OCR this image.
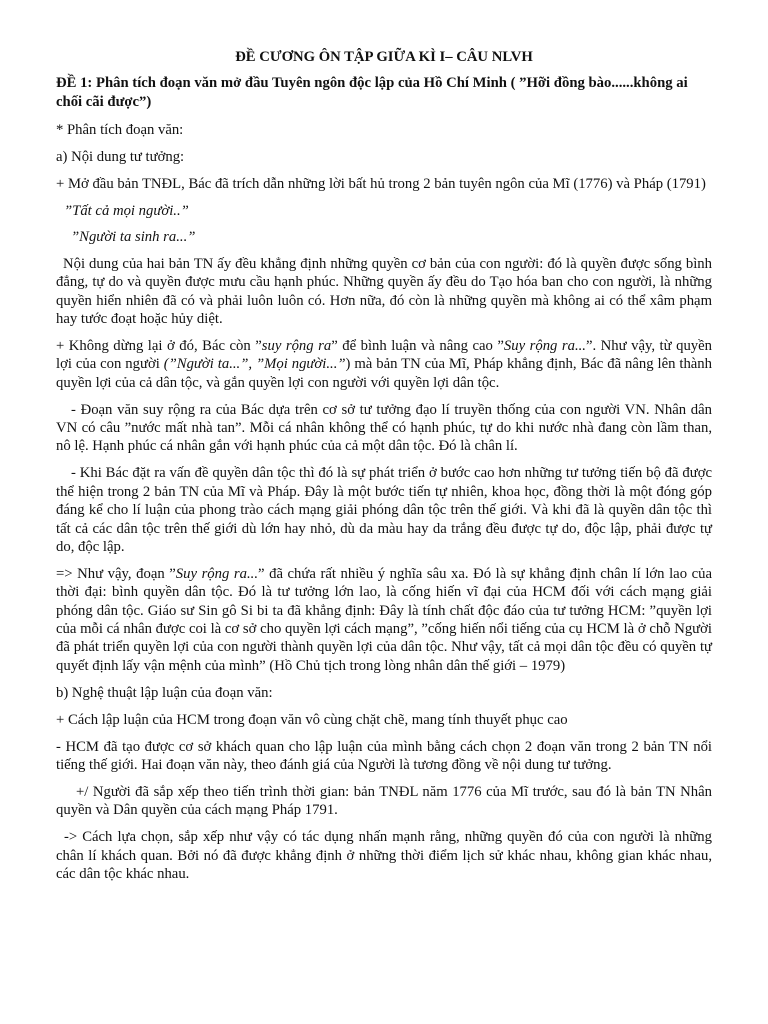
ĐỀ CƯƠNG ÔN TẬP GIỮA KÌ I– CÂU NLVH
ĐỀ 1: Phân tích đoạn văn mở đầu Tuyên ngôn độc lập của Hồ Chí Minh ( ”Hỡi đồng bào......không ai chối cãi được”)

* Phân tích đoạn văn:

a) Nội dung tư tưởng:

+ Mở đầu bản TNĐL, Bác đã trích dẫn những lời bất hủ trong 2 bản tuyên ngôn của Mĩ (1776) và Pháp (1791)

”Tất cả mọi người..”

”Người ta sinh ra...”

Nội dung của hai bản TN ấy đều khẳng định những quyền cơ bản của con người: đó là quyền được sống bình đẳng, tự do và quyền được mưu cầu hạnh phúc. Những quyền ấy đều do Tạo hóa ban cho con người, là những quyền hiển nhiên đã có và phải luôn luôn có. Hơn nữa, đó còn là những quyền mà không ai có thể xâm phạm hay tước đoạt hoặc hủy diệt.

+ Không dừng lại ở đó, Bác còn ”suy rộng ra” để bình luận và nâng cao ”Suy rộng ra...”. Như vậy, từ quyền lợi của con người (”Người ta...”, ”Mọi người...”) mà bản TN của Mĩ, Pháp khẳng định, Bác đã nâng lên thành quyền lợi của cả dân tộc, và gắn quyền lợi con người với quyền lợi dân tộc.

- Đoạn văn suy rộng ra của Bác dựa trên cơ sở tư tưởng đạo lí truyền thống của con người VN. Nhân dân VN có câu ”nước mất nhà tan”. Mỗi cá nhân không thể có hạnh phúc, tự do khi nước nhà đang còn lầm than, nô lệ. Hạnh phúc cá nhân gắn với hạnh phúc của cả một dân tộc. Đó là chân lí.

- Khi Bác đặt ra vấn đề quyền dân tộc thì đó là sự phát triển ở bước cao hơn những tư tưởng tiến bộ đã được thể hiện trong 2 bản TN của Mĩ và Pháp. Đây là một bước tiến tự nhiên, khoa học, đồng thời là một đóng góp đáng kể cho lí luận của phong trào cách mạng giải phóng dân tộc trên thế giới. Và khi đã là quyền dân tộc thì tất cả các dân tộc trên thế giới dù lớn hay nhỏ, dù da màu hay da trắng đều được tự do, độc lập, phải được tự do, độc lập.

=> Như vậy, đoạn ”Suy rộng ra...” đã chứa rất nhiều ý nghĩa sâu xa. Đó là sự khẳng định chân lí lớn lao của thời đại: bình quyền dân tộc. Đó là tư tưởng lớn lao, là cống hiến vĩ đại của HCM đối với cách mạng giải phóng dân tộc. Giáo sư Sin gô Si bi ta đã khẳng định: Đây là tính chất độc đáo của tư tưởng HCM: ”quyền lợi của mỗi cá nhân được coi là cơ sở cho quyền lợi cách mạng”, ”cống hiến nổi tiếng của cụ HCM là ở chỗ Người đã phát triển quyền lợi của con người thành quyền lợi của dân tộc. Như vậy, tất cả mọi dân tộc đều có quyền tự quyết định lấy vận mệnh của mình” (Hồ Chủ tịch trong lòng nhân dân thế giới – 1979)

b) Nghệ thuật lập luận của đoạn văn:

+ Cách lập luận của HCM trong đoạn văn vô cùng chặt chẽ, mang tính thuyết phục cao

- HCM đã tạo được cơ sở khách quan cho lập luận của mình bằng cách chọn 2 đoạn văn trong 2 bản TN nổi tiếng thế giới. Hai đoạn văn này, theo đánh giá của Người là tương đồng về nội dung tư tưởng.

+/ Người đã sắp xếp theo tiến trình thời gian: bản TNĐL năm 1776 của Mĩ trước, sau đó là bản TN Nhân quyền và Dân quyền của cách mạng Pháp 1791.

-> Cách lựa chọn, sắp xếp như vậy có tác dụng nhấn mạnh rằng, những quyền đó của con người là những chân lí khách quan. Bởi nó đã được khẳng định ở những thời điểm lịch sử khác nhau, không gian khác nhau, các dân tộc khác nhau.
